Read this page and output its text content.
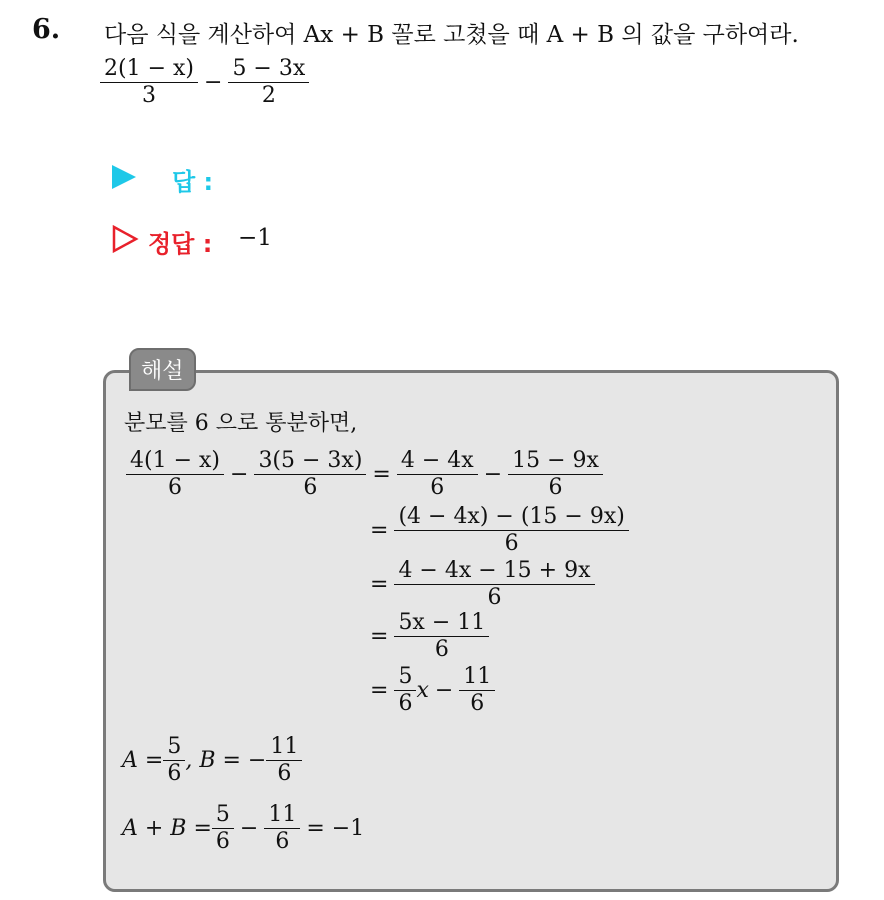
6. 다음 식을 계산하여 Ax + B 꼴로 고쳤을 때 A + B 의 값을 구하여라.
$\frac{2(1 - x)}{3} - \frac{5 - 3x}{2}$
답 :
정답 : −1
해설
분모를 6 으로 통분하면,
$\frac{4(1 - x)}{6} - \frac{3(5 - 3x)}{6} = \frac{4 - 4x}{6} - \frac{15 - 9x}{6}$
= $\frac{(4 - 4x) - (15 - 9x)}{6}$
= $\frac{4 - 4x - 15 + 9x}{6}$
= $\frac{5x - 11}{6}$
= $\frac{5}{6}$ $x - \frac{11}{6}$
$A = \frac{5}{6}$ , B = − $\frac{11}{6}$
$A + B = \frac{5}{6} - \frac{11}{6} = -1$
